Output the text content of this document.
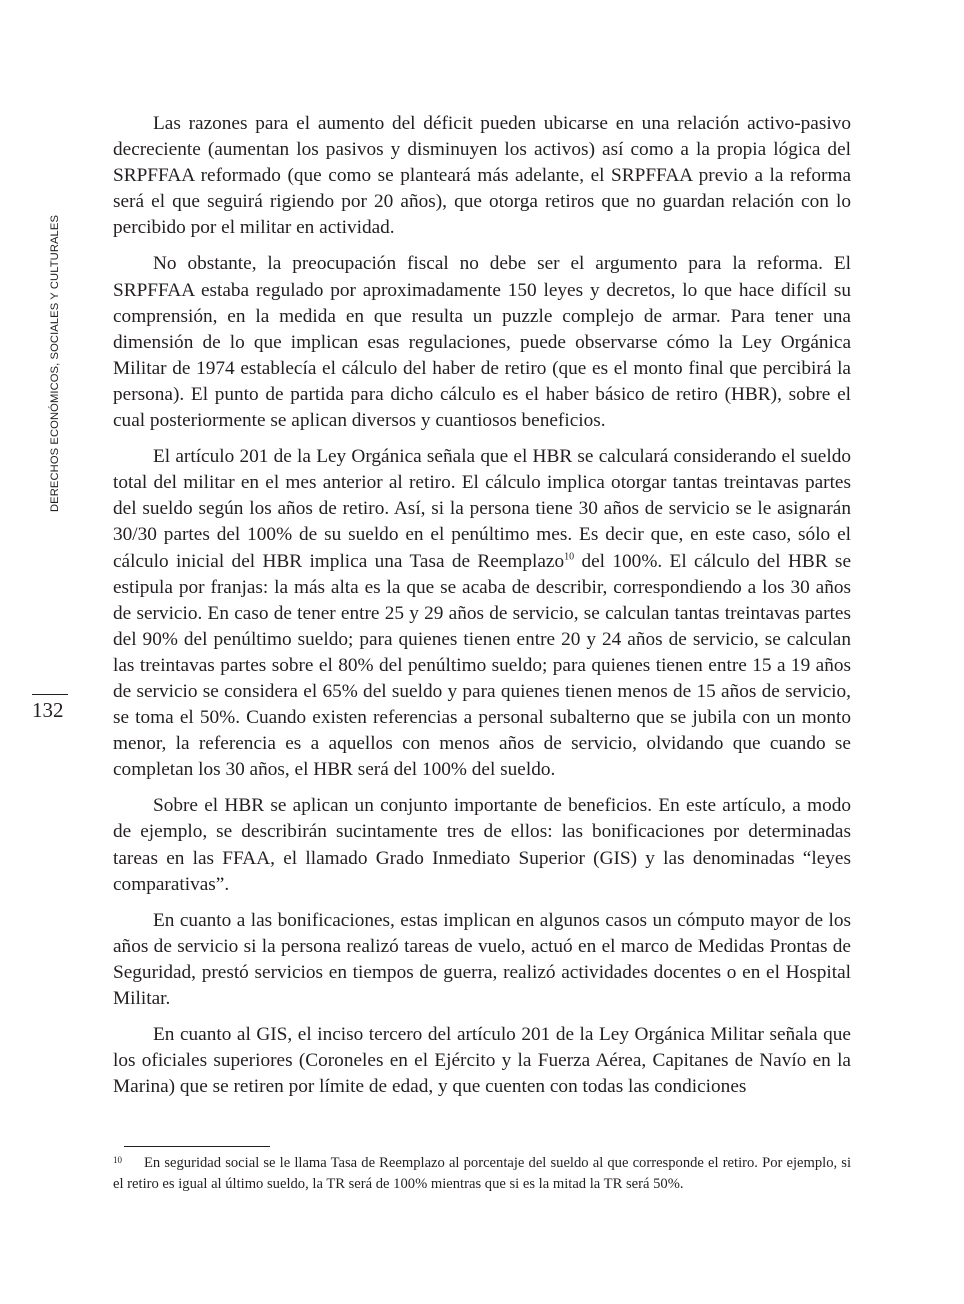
DERECHOS ECONÓMICOS, SOCIALES Y CULTURALES
132

Las razones para el aumento del déficit pueden ubicarse en una relación activo-pasivo decreciente (aumentan los pasivos y disminuyen los activos) así como a la propia lógica del SRPFFAA reformado (que como se planteará más adelante, el SRPFFAA previo a la reforma será el que seguirá rigiendo por 20 años), que otorga retiros que no guardan relación con lo percibido por el militar en actividad.

No obstante, la preocupación fiscal no debe ser el argumento para la reforma. El SRPFFAA estaba regulado por aproximadamente 150 leyes y decretos, lo que hace difícil su comprensión, en la medida en que resulta un puzzle complejo de armar. Para tener una dimensión de lo que implican esas regulaciones, puede observarse cómo la Ley Orgánica Militar de 1974 establecía el cálculo del haber de retiro (que es el monto final que percibirá la persona). El punto de partida para dicho cálculo es el haber básico de retiro (HBR), sobre el cual posteriormente se aplican diversos y cuantiosos beneficios.

El artículo 201 de la Ley Orgánica señala que el HBR se calculará considerando el sueldo total del militar en el mes anterior al retiro. El cálculo implica otorgar tantas treintavas partes del sueldo según los años de retiro. Así, si la persona tiene 30 años de servicio se le asignarán 30/30 partes del 100% de su sueldo en el penúltimo mes. Es decir que, en este caso, sólo el cálculo inicial del HBR implica una Tasa de Reemplazo$^{10}$ del 100%. El cálculo del HBR se estipula por franjas: la más alta es la que se acaba de describir, correspondiendo a los 30 años de servicio. En caso de tener entre 25 y 29 años de servicio, se calculan tantas treintavas partes del 90% del penúltimo sueldo; para quienes tienen entre 20 y 24 años de servicio, se calculan las treintavas partes sobre el 80% del penúltimo sueldo; para quienes tienen entre 15 a 19 años de servicio se considera el 65% del sueldo y para quienes tienen menos de 15 años de servicio, se toma el 50%. Cuando existen referencias a personal subalterno que se jubila con un monto menor, la referencia es a aquellos con menos años de servicio, olvidando que cuando se completan los 30 años, el HBR será del 100% del sueldo.

Sobre el HBR se aplican un conjunto importante de beneficios. En este artículo, a modo de ejemplo, se describirán sucintamente tres de ellos: las bonificaciones por determinadas tareas en las FFAA, el llamado Grado Inmediato Superior (GIS) y las denominadas “leyes comparativas”.

En cuanto a las bonificaciones, estas implican en algunos casos un cómputo mayor de los años de servicio si la persona realizó tareas de vuelo, actuó en el marco de Medidas Prontas de Seguridad, prestó servicios en tiempos de guerra, realizó actividades docentes o en el Hospital Militar.

En cuanto al GIS, el inciso tercero del artículo 201 de la Ley Orgánica Militar señala que los oficiales superiores (Coroneles en el Ejército y la Fuerza Aérea, Capitanes de Navío en la Marina) que se retiren por límite de edad, y que cuenten con todas las condiciones

$^{10}$ En seguridad social se le llama Tasa de Reemplazo al porcentaje del sueldo al que corresponde el retiro. Por ejemplo, si el retiro es igual al último sueldo, la TR será de 100% mientras que si es la mitad la TR será 50%.
